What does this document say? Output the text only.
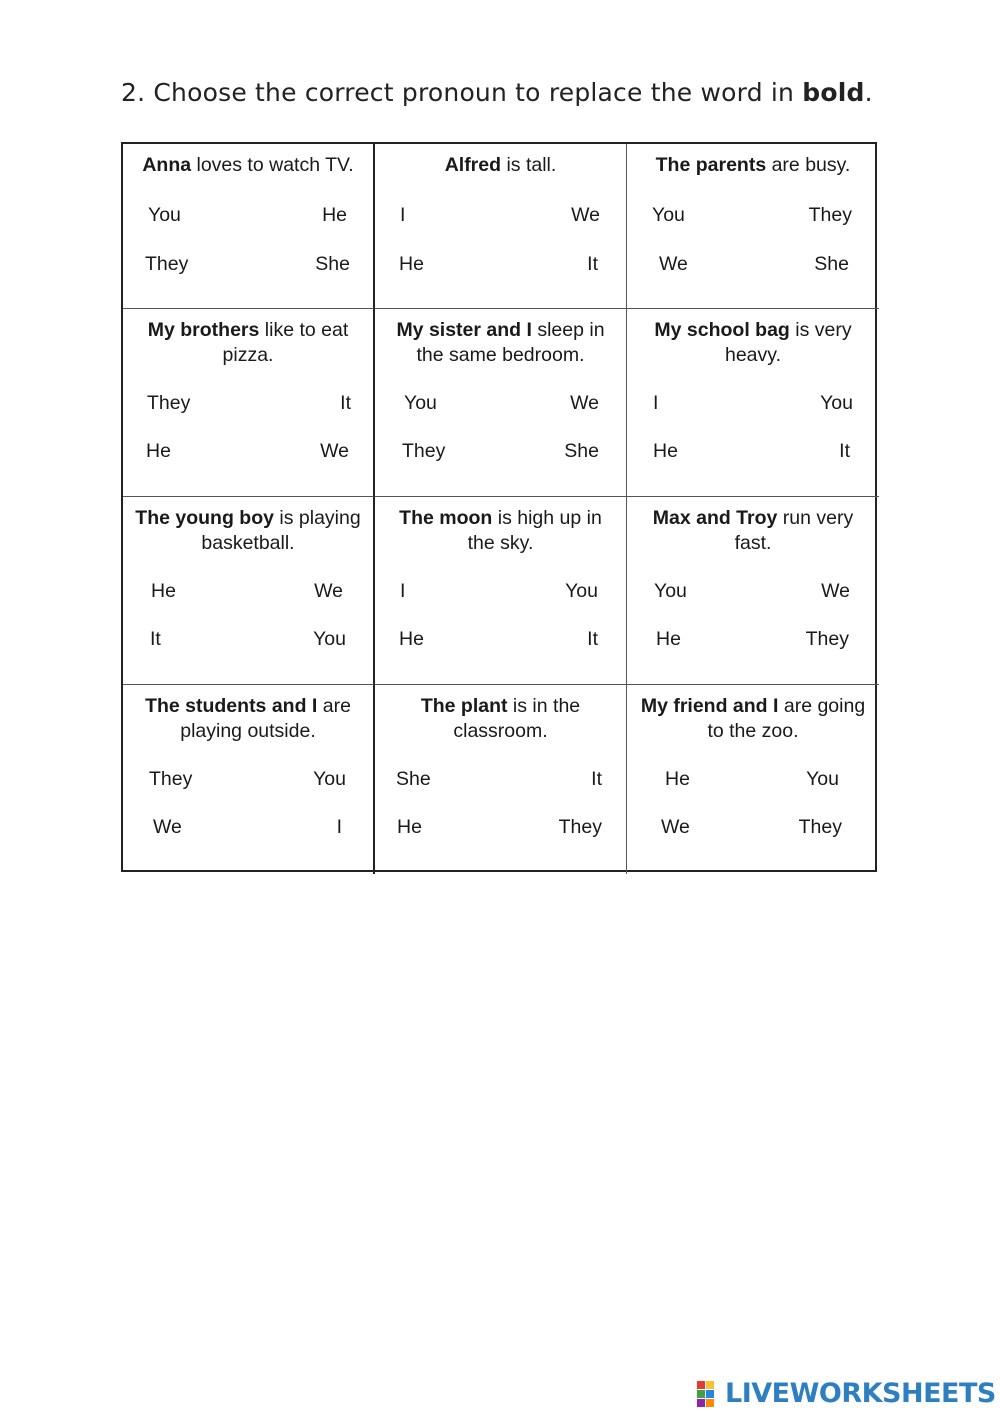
2. Choose the correct pronoun to replace the word in bold.
Anna loves to watch TV.
You	He
They	She
Alfred is tall.
I	We
He	It
The parents are busy.
You	They
We	She
My brothers like to eat pizza.
They	It
He	We
My sister and I sleep in the same bedroom.
You	We
They	She
My school bag is very heavy.
I	You
He	It
The young boy is playing basketball.
He	We
It	You
The moon is high up in the sky.
I	You
He	It
Max and Troy run very fast.
You	We
He	They
The students and I are playing outside.
They	You
We	I
The plant is in the classroom.
She	It
He	They
My friend and I are going to the zoo.
He	You
We	They
LIVEWORKSHEETS
